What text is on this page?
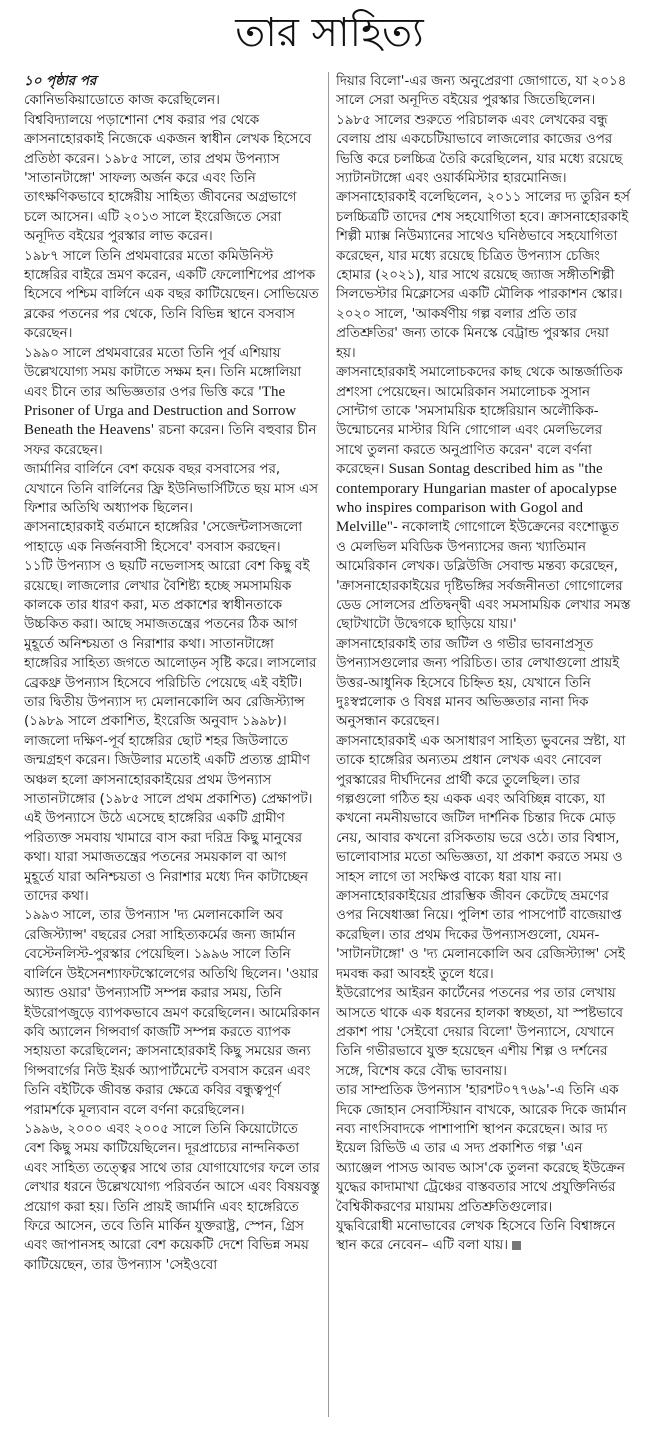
তার সাহিত্য

১০ পৃষ্ঠার পর

কোনিভকিয়াডোতে কাজ করেছিলেন।

বিশ্ববিদ্যালয়ে পড়াশোনা শেষ করার পর থেকে ক্রাসনাহোরকাই নিজেকে একজন স্বাধীন লেখক হিসেবে প্রতিষ্ঠা করেন। ১৯৮৫ সালে, তার প্রথম উপন্যাস 'সাতানটাঙ্গো' সাফল্য অর্জন করে এবং তিনি তাৎক্ষণিকভাবে হাঙ্গেরীয় সাহিত্য জীবনের অগ্রভাগে চলে আসেন। এটি ২০১৩ সালে ইংরেজিতে সেরা অনূদিত বইয়ের পুরস্কার লাভ করেন।

১৯৮৭ সালে তিনি প্রথমবারের মতো কমিউনিস্ট হাঙ্গেরির বাইরে ভ্রমণ করেন, একটি ফেলোশিপের প্রাপক হিসেবে পশ্চিম বার্লিনে এক বছর কাটিয়েছেন। সোভিয়েত ব্লকের পতনের পর থেকে, তিনি বিভিন্ন স্থানে বসবাস করেছেন।

১৯৯০ সালে প্রথমবারের মতো তিনি পূর্ব এশিয়ায় উল্লেখযোগ্য সময় কাটাতে সক্ষম হন। তিনি মঙ্গোলিয়া এবং চীনে তার অভিজ্ঞতার ওপর ভিত্তি করে 'The Prisoner of Urga and Destruction and Sorrow Beneath the Heavens' রচনা করেন। তিনি বহুবার চীন সফর করেছেন।

জার্মানির বার্লিনে বেশ কয়েক বছর বসবাসের পর, যেখানে তিনি বার্লিনের ফ্রি ইউনিভার্সিটিতে ছয় মাস এস ফিশার অতিথি অধ্যাপক ছিলেন।

ক্রাসনাহোরকাই বর্তমানে হাঙ্গেরির 'সেজেন্টলাসজলো পাহাড়ে এক নির্জনবাসী হিসেবে' বসবাস করছেন।

১১টি উপন্যাস ও ছয়টি নভেলাসহ আরো বেশ কিছু বই রয়েছে। লাজলোর লেখার বৈশিষ্ট্য হচ্ছে সমসাময়িক কালকে তার ধারণ করা, মত প্রকাশের স্বাধীনতাকে উচ্চকিত করা। আছে সমাজতন্ত্রের পতনের ঠিক আগ মুহূর্তে অনিশ্চয়তা ও নিরাশার কথা। সাতানটাঙ্গো হাঙ্গেরির সাহিত্য জগতে আলোড়ন সৃষ্টি করে। লাসলোর ব্রেকথ্রু উপন্যাস হিসেবে পরিচিতি পেয়েছে এই বইটি। তার দ্বিতীয় উপন্যাস দ্য মেলানকোলি অব রেজিস্ট্যান্স (১৯৮৯ সালে প্রকাশিত, ইংরেজি অনুবাদ ১৯৯৮)।

লাজলো দক্ষিণ-পূর্ব হাঙ্গেরির ছোট শহর জিউলাতে জন্মগ্রহণ করেন। জিউলার মতোই একটি প্রত্যন্ত গ্রামীণ অঞ্চল হলো ক্রাসনাহোরকাইয়ের প্রথম উপন্যাস সাতানটাঙ্গোর (১৯৮৫ সালে প্রথম প্রকাশিত) প্রেক্ষাপট। এই উপন্যাসে উঠে এসেছে হাঙ্গেরির একটি গ্রামীণ পরিত্যক্ত সমবায় খামারে বাস করা দরিদ্র কিছু মানুষের কথা। যারা সমাজতন্ত্রের পতনের সময়কাল বা আগ মুহূর্তে যারা অনিশ্চয়তা ও নিরাশার মধ্যে দিন কাটাচ্ছেন তাদের কথা।

১৯৯৩ সালে, তার উপন্যাস 'দ্য মেলানকোলি অব রেজিস্ট্যান্স' বছরের সেরা সাহিত্যকর্মের জন্য জার্মান বেস্টেনলিস্ট-পুরস্কার পেয়েছিল। ১৯৯৬ সালে তিনি বার্লিনে উইসেনশ্যাফটস্কোলেগের অতিথি ছিলেন। 'ওয়ার অ্যান্ড ওয়ার' উপন্যাসটি সম্পন্ন করার সময়, তিনি ইউরোপজুড়ে ব্যাপকভাবে ভ্রমণ করেছিলেন। আমেরিকান কবি অ্যালেন গিন্সবার্গ কাজটি সম্পন্ন করতে ব্যাপক সহায়তা করেছিলেন; ক্রাসনাহোরকাই কিছু সময়ের জন্য গিন্সবার্গের নিউ ইয়র্ক অ্যাপার্টমেন্টে বসবাস করেন এবং তিনি বইটিকে জীবন্ত করার ক্ষেত্রে কবির বন্ধুত্বপূর্ণ পরামর্শকে মূল্যবান বলে বর্ণনা করেছিলেন।

১৯৯৬, ২০০০ এবং ২০০৫ সালে তিনি কিয়োটোতে বেশ কিছু সময় কাটিয়েছিলেন। দূরপ্রাচ্যের নান্দনিকতা এবং সাহিত্য তত্ত্বের সাথে তার যোগাযোগের ফলে তার লেখার ধরনে উল্লেখযোগ্য পরিবর্তন আসে এবং বিষয়বস্তু প্রয়োগ করা হয়। তিনি প্রায়ই জার্মানি এবং হাঙ্গেরিতে ফিরে আসেন, তবে তিনি মার্কিন যুক্তরাষ্ট্র, স্পেন, গ্রিস এবং জাপানসহ আরো বেশ কয়েকটি দেশে বিভিন্ন সময় কাটিয়েছেন, তার উপন্যাস 'সেইওবো

দিয়ার বিলো'-এর জন্য অনুপ্রেরণা জোগাতে, যা ২০১৪ সালে সেরা অনূদিত বইয়ের পুরস্কার জিতেছিলেন।

১৯৮৫ সালের শুরুতে পরিচালক এবং লেখকের বন্ধু বেলায় প্রায় একচেটিয়াভাবে লাজলোর কাজের ওপর ভিত্তি করে চলচ্চিত্র তৈরি করেছিলেন, যার মধ্যে রয়েছে স্যাটানটাঙ্গো এবং ওয়ার্কমিস্টার হারমোনিজ। ক্রাসনাহোরকাই বলেছিলেন, ২০১১ সালের দ্য তুরিন হর্স চলচ্চিত্রটি তাদের শেষ সহযোগিতা হবে। ক্রাসনাহোরকাই শিল্পী ম্যাক্স নিউম্যানের সাথেও ঘনিষ্ঠভাবে সহযোগিতা করেছেন, যার মধ্যে রয়েছে চিত্রিত উপন্যাস চেজিং হোমার (২০২১), যার সাথে রয়েছে জ্যাজ সঙ্গীতশিল্পী সিলভেস্টার মিক্লোসের একটি মৌলিক পারকাশন স্কোর। ২০২০ সালে, 'আকর্ষণীয় গল্প বলার প্রতি তার প্রতিশ্রুতির' জন্য তাকে মিনস্কে বেট্রান্ড পুরস্কার দেয়া হয়।

ক্রাসনাহোরকাই সমালোচকদের কাছ থেকে আন্তর্জাতিক প্রশংসা পেয়েছেন। আমেরিকান সমালোচক সুসান সোন্টাগ তাকে 'সমসাময়িক হাঙ্গেরিয়ান অলৌকিক-উন্মোচনের মাস্টার যিনি গোগোল এবং মেলভিলের সাথে তুলনা করতে অনুপ্রাণিত করেন' বলে বর্ণনা করেছেন। Susan Sontag described him as "the contemporary Hungarian master of apocalypse who inspires comparison with Gogol and Melville"- নকোলাই গোগোলে ইউক্রেনের বংশোদ্ভূত ও মেলভিল মবিডিক উপন্যাসের জন্য খ্যাতিমান আমেরিকান লেখক। ডব্লিউজি সেবাল্ড মন্তব্য করেছেন, 'ক্রাসনাহোরকাইয়ের দৃষ্টিভঙ্গির সর্বজনীনতা গোগোলের ডেড সোলসের প্রতিদ্বন্দ্বী এবং সমসাময়িক লেখার সমস্ত ছোটখাটো উদ্বেগকে ছাড়িয়ে যায়।'

ক্রাসনাহোরকাই তার জটিল ও গভীর ভাবনাপ্রসূত উপন্যাসগুলোর জন্য পরিচিত। তার লেখাগুলো প্রায়ই উত্তর-আধুনিক হিসেবে চিহ্নিত হয়, যেখানে তিনি দুঃস্বপ্নলোক ও বিষণ্ণ মানব অভিজ্ঞতার নানা দিক অনুসন্ধান করেছেন।

ক্রাসনাহোরকাই এক অসাধারণ সাহিত্য ভুবনের স্রষ্টা, যা তাকে হাঙ্গেরির অন্যতম প্রধান লেখক এবং নোবেল পুরস্কারের দীর্ঘদিনের প্রার্থী করে তুলেছিল। তার গল্পগুলো গঠিত হয় একক এবং অবিচ্ছিন্ন বাক্যে, যা কখনো নমনীয়ভাবে জটিল দার্শনিক চিন্তার দিকে মোড় নেয়, আবার কখনো রসিকতায় ভরে ওঠে। তার বিশ্বাস, ভালোবাসার মতো অভিজ্ঞতা, যা প্রকাশ করতে সময় ও সাহস লাগে তা সংক্ষিপ্ত বাক্যে ধরা যায় না।

ক্রাসনাহোরকাইয়ের প্রারম্ভিক জীবন কেটেছে ভ্রমণের ওপর নিষেধাজ্ঞা নিয়ে। পুলিশ তার পাসপোর্ট বাজেয়াপ্ত করেছিল। তার প্রথম দিকের উপন্যাসগুলো, যেমন- 'সাটানটাঙ্গো' ও 'দ্য মেলানকোলি অব রেজিস্ট্যান্স' সেই দমবন্ধ করা আবহই তুলে ধরে।

ইউরোপের আইরন কার্টেনের পতনের পর তার লেখায় আসতে থাকে এক ধরনের হালকা স্বচ্ছতা, যা স্পষ্টভাবে প্রকাশ পায় 'সেইবো দেয়ার বিলো' উপন্যাসে, যেখানে তিনি গভীরভাবে যুক্ত হয়েছেন এশীয় শিল্প ও দর্শনের সঙ্গে, বিশেষ করে বৌদ্ধ ভাবনায়।

তার সাম্প্রতিক উপন্যাস 'হারশট০৭৭৬৯'-এ তিনি এক দিকে জোহান সেবাস্টিয়ান বাখকে, আরেক দিকে জার্মান নব্য নাৎসিবাদকে পাশাপাশি স্থাপন করেছেন। আর দ্য ইয়েল রিভিউ এ তার এ সদ্য প্রকাশিত গল্প 'এন অ্যাঞ্জেল পাসড আবভ আস'কে তুলনা করেছে ইউক্রেন যুদ্ধের কাদামাখা ট্রেঞ্চের বাস্তবতার সাথে প্রযুক্তিনির্ভর বৈশ্বিকীকরণের মায়াময় প্রতিশ্রুতিগুলোর।

যুদ্ধবিরোধী মনোভাবের লেখক হিসেবে তিনি বিশ্বাঙ্গনে স্থান করে নেবেন– এটি বলা যায়।
